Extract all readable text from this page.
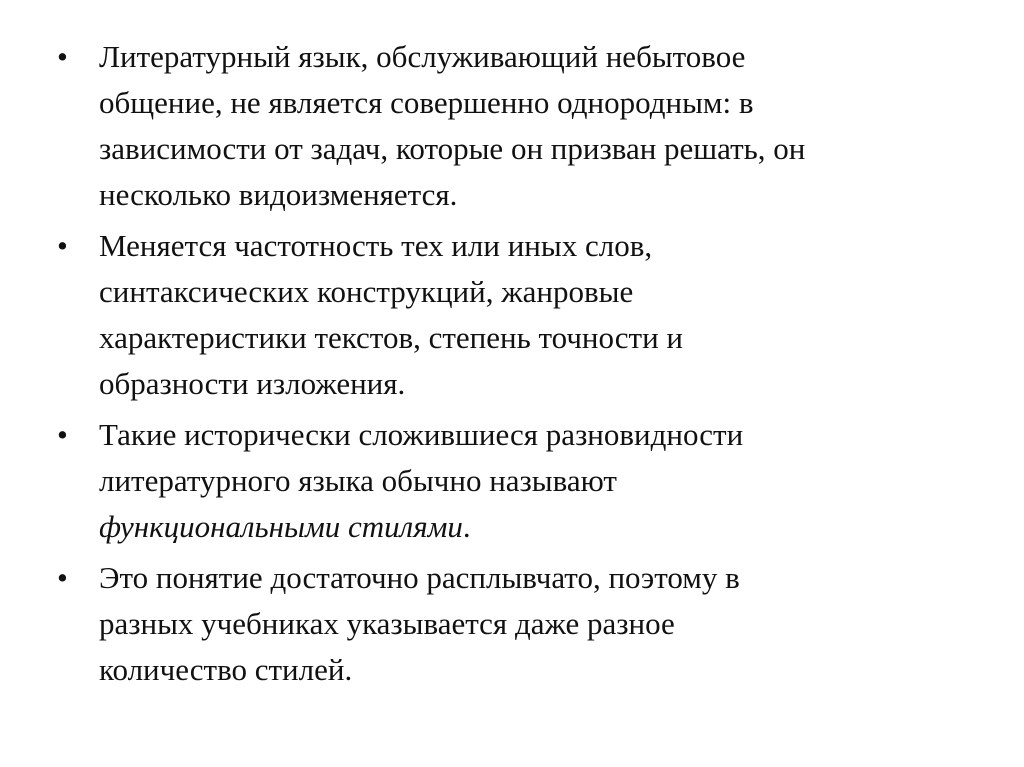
• Литературный язык, обслуживающий небытовое
общение, не является совершенно однородным: в
зависимости от задач, которые он призван решать, он
несколько видоизменяется.
• Меняется частотность тех или иных слов,
синтаксических конструкций, жанровые
характеристики текстов, степень точности и
образности изложения.
• Такие исторически сложившиеся разновидности
литературного языка обычно называют
функциональными стилями.
• Это понятие достаточно расплывчато, поэтому в
разных учебниках указывается даже разное
количество стилей.
